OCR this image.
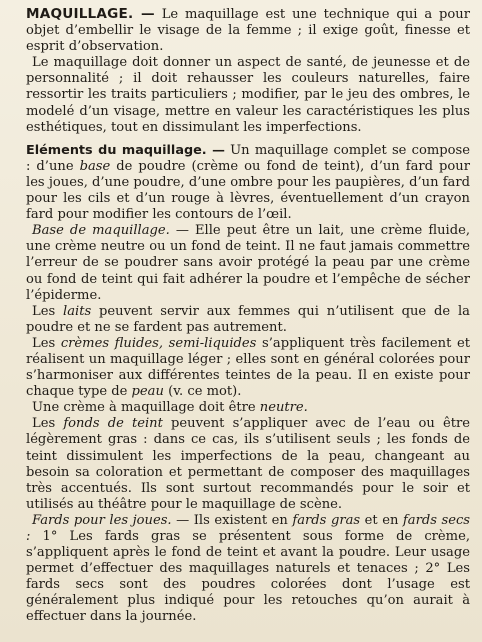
MAQUILLAGE. — Le maquillage est une technique qui a pour objet d’embellir le visage de la femme ; il exige goût, finesse et esprit d’observation.

Le maquillage doit donner un aspect de santé, de jeunesse et de personnalité ; il doit rehausser les couleurs naturelles, faire ressortir les traits particuliers ; modifier, par le jeu des ombres, le modelé d’un visage, mettre en valeur les caractéristiques les plus esthétiques, tout en dissimulant les imperfections.

Eléments du maquillage. — Un maquillage complet se compose : d’une base de poudre (crème ou fond de teint), d’un fard pour les joues, d’une poudre, d’une ombre pour les paupières, d’un fard pour les cils et d’un rouge à lèvres, éventuellement d’un crayon fard pour modifier les contours de l’œil.

Base de maquillage. — Elle peut être un lait, une crème fluide, une crème neutre ou un fond de teint. Il ne faut jamais commettre l’erreur de se poudrer sans avoir protégé la peau par une crème ou fond de teint qui fait adhérer la poudre et l’empêche de sécher l’épiderme.

Les laits peuvent servir aux femmes qui n’utilisent que de la poudre et ne se fardent pas autrement.

Les crèmes fluides, semi-liquides s’appliquent très facilement et réalisent un maquillage léger ; elles sont en général colorées pour s’harmoniser aux différentes teintes de la peau. Il en existe pour chaque type de peau (v. ce mot).

Une crème à maquillage doit être neutre.

Les fonds de teint peuvent s’appliquer avec de l’eau ou être légèrement gras : dans ce cas, ils s’utilisent seuls ; les fonds de teint dissimulent les imperfections de la peau, changeant au besoin sa coloration et permettant de composer des maquillages très accentués. Ils sont surtout recommandés pour le soir et utilisés au théâtre pour le maquillage de scène.

Fards pour les joues. — Ils existent en fards gras et en fards secs : 1° Les fards gras se présentent sous forme de crème, s’appliquent après le fond de teint et avant la poudre. Leur usage permet d’effectuer des maquillages naturels et tenaces ; 2° Les fards secs sont des poudres colorées dont l’usage est généralement plus indiqué pour les retouches qu’on aurait à effectuer dans la journée.
